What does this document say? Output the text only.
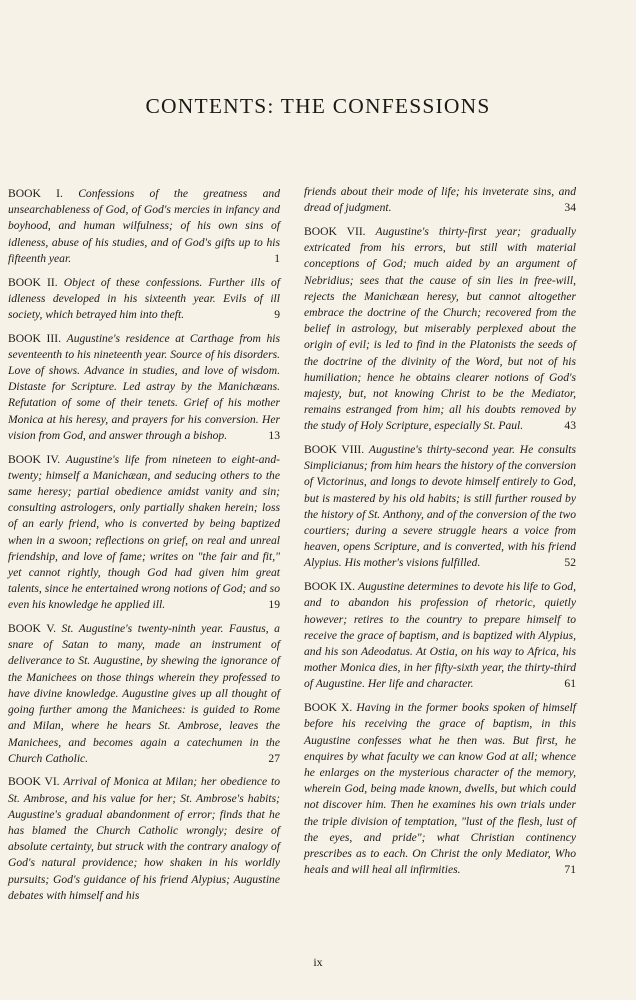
CONTENTS: THE CONFESSIONS

BOOK I. Confessions of the greatness and unsearchableness of God, of God's mercies in infancy and boyhood, and human wilfulness; of his own sins of idleness, abuse of his studies, and of God's gifts up to his fifteenth year.	1

BOOK II. Object of these confessions. Further ills of idleness developed in his sixteenth year. Evils of ill society, which betrayed him into theft.	9

BOOK III. Augustine's residence at Carthage from his seventeenth to his nineteenth year. Source of his disorders. Love of shows. Advance in studies, and love of wisdom. Distaste for Scripture. Led astray by the Manichæans. Refutation of some of their tenets. Grief of his mother Monica at his heresy, and prayers for his conversion. Her vision from God, and answer through a bishop.	13

BOOK IV. Augustine's life from nineteen to eight-and-twenty; himself a Manichæan, and seducing others to the same heresy; partial obedience amidst vanity and sin; consulting astrologers, only partially shaken herein; loss of an early friend, who is converted by being baptized when in a swoon; reflections on grief, on real and unreal friendship, and love of fame; writes on "the fair and fit," yet cannot rightly, though God had given him great talents, since he entertained wrong notions of God; and so even his knowledge he applied ill.	19

BOOK V. St. Augustine's twenty-ninth year. Faustus, a snare of Satan to many, made an instrument of deliverance to St. Augustine, by shewing the ignorance of the Manichees on those things wherein they professed to have divine knowledge. Augustine gives up all thought of going further among the Manichees: is guided to Rome and Milan, where he hears St. Ambrose, leaves the Manichees, and becomes again a catechumen in the Church Catholic.	27

BOOK VI. Arrival of Monica at Milan; her obedience to St. Ambrose, and his value for her; St. Ambrose's habits; Augustine's gradual abandonment of error; finds that he has blamed the Church Catholic wrongly; desire of absolute certainty, but struck with the contrary analogy of God's natural providence; how shaken in his worldly pursuits; God's guidance of his friend Alypius; Augustine debates with himself and his

friends about their mode of life; his inveterate sins, and dread of judgment.	34

BOOK VII. Augustine's thirty-first year; gradually extricated from his errors, but still with material conceptions of God; much aided by an argument of Nebridius; sees that the cause of sin lies in free-will, rejects the Manichæan heresy, but cannot altogether embrace the doctrine of the Church; recovered from the belief in astrology, but miserably perplexed about the origin of evil; is led to find in the Platonists the seeds of the doctrine of the divinity of the Word, but not of his humiliation; hence he obtains clearer notions of God's majesty, but, not knowing Christ to be the Mediator, remains estranged from him; all his doubts removed by the study of Holy Scripture, especially St. Paul.	43

BOOK VIII. Augustine's thirty-second year. He consults Simplicianus; from him hears the history of the conversion of Victorinus, and longs to devote himself entirely to God, but is mastered by his old habits; is still further roused by the history of St. Anthony, and of the conversion of the two courtiers; during a severe struggle hears a voice from heaven, opens Scripture, and is converted, with his friend Alypius. His mother's visions fulfilled.	52

BOOK IX. Augustine determines to devote his life to God, and to abandon his profession of rhetoric, quietly however; retires to the country to prepare himself to receive the grace of baptism, and is baptized with Alypius, and his son Adeodatus. At Ostia, on his way to Africa, his mother Monica dies, in her fifty-sixth year, the thirty-third of Augustine. Her life and character.	61

BOOK X. Having in the former books spoken of himself before his receiving the grace of baptism, in this Augustine confesses what he then was. But first, he enquires by what faculty we can know God at all; whence he enlarges on the mysterious character of the memory, wherein God, being made known, dwells, but which could not discover him. Then he examines his own trials under the triple division of temptation, "lust of the flesh, lust of the eyes, and pride"; what Christian continency prescribes as to each. On Christ the only Mediator, Who heals and will heal all infirmities.	71

ix
